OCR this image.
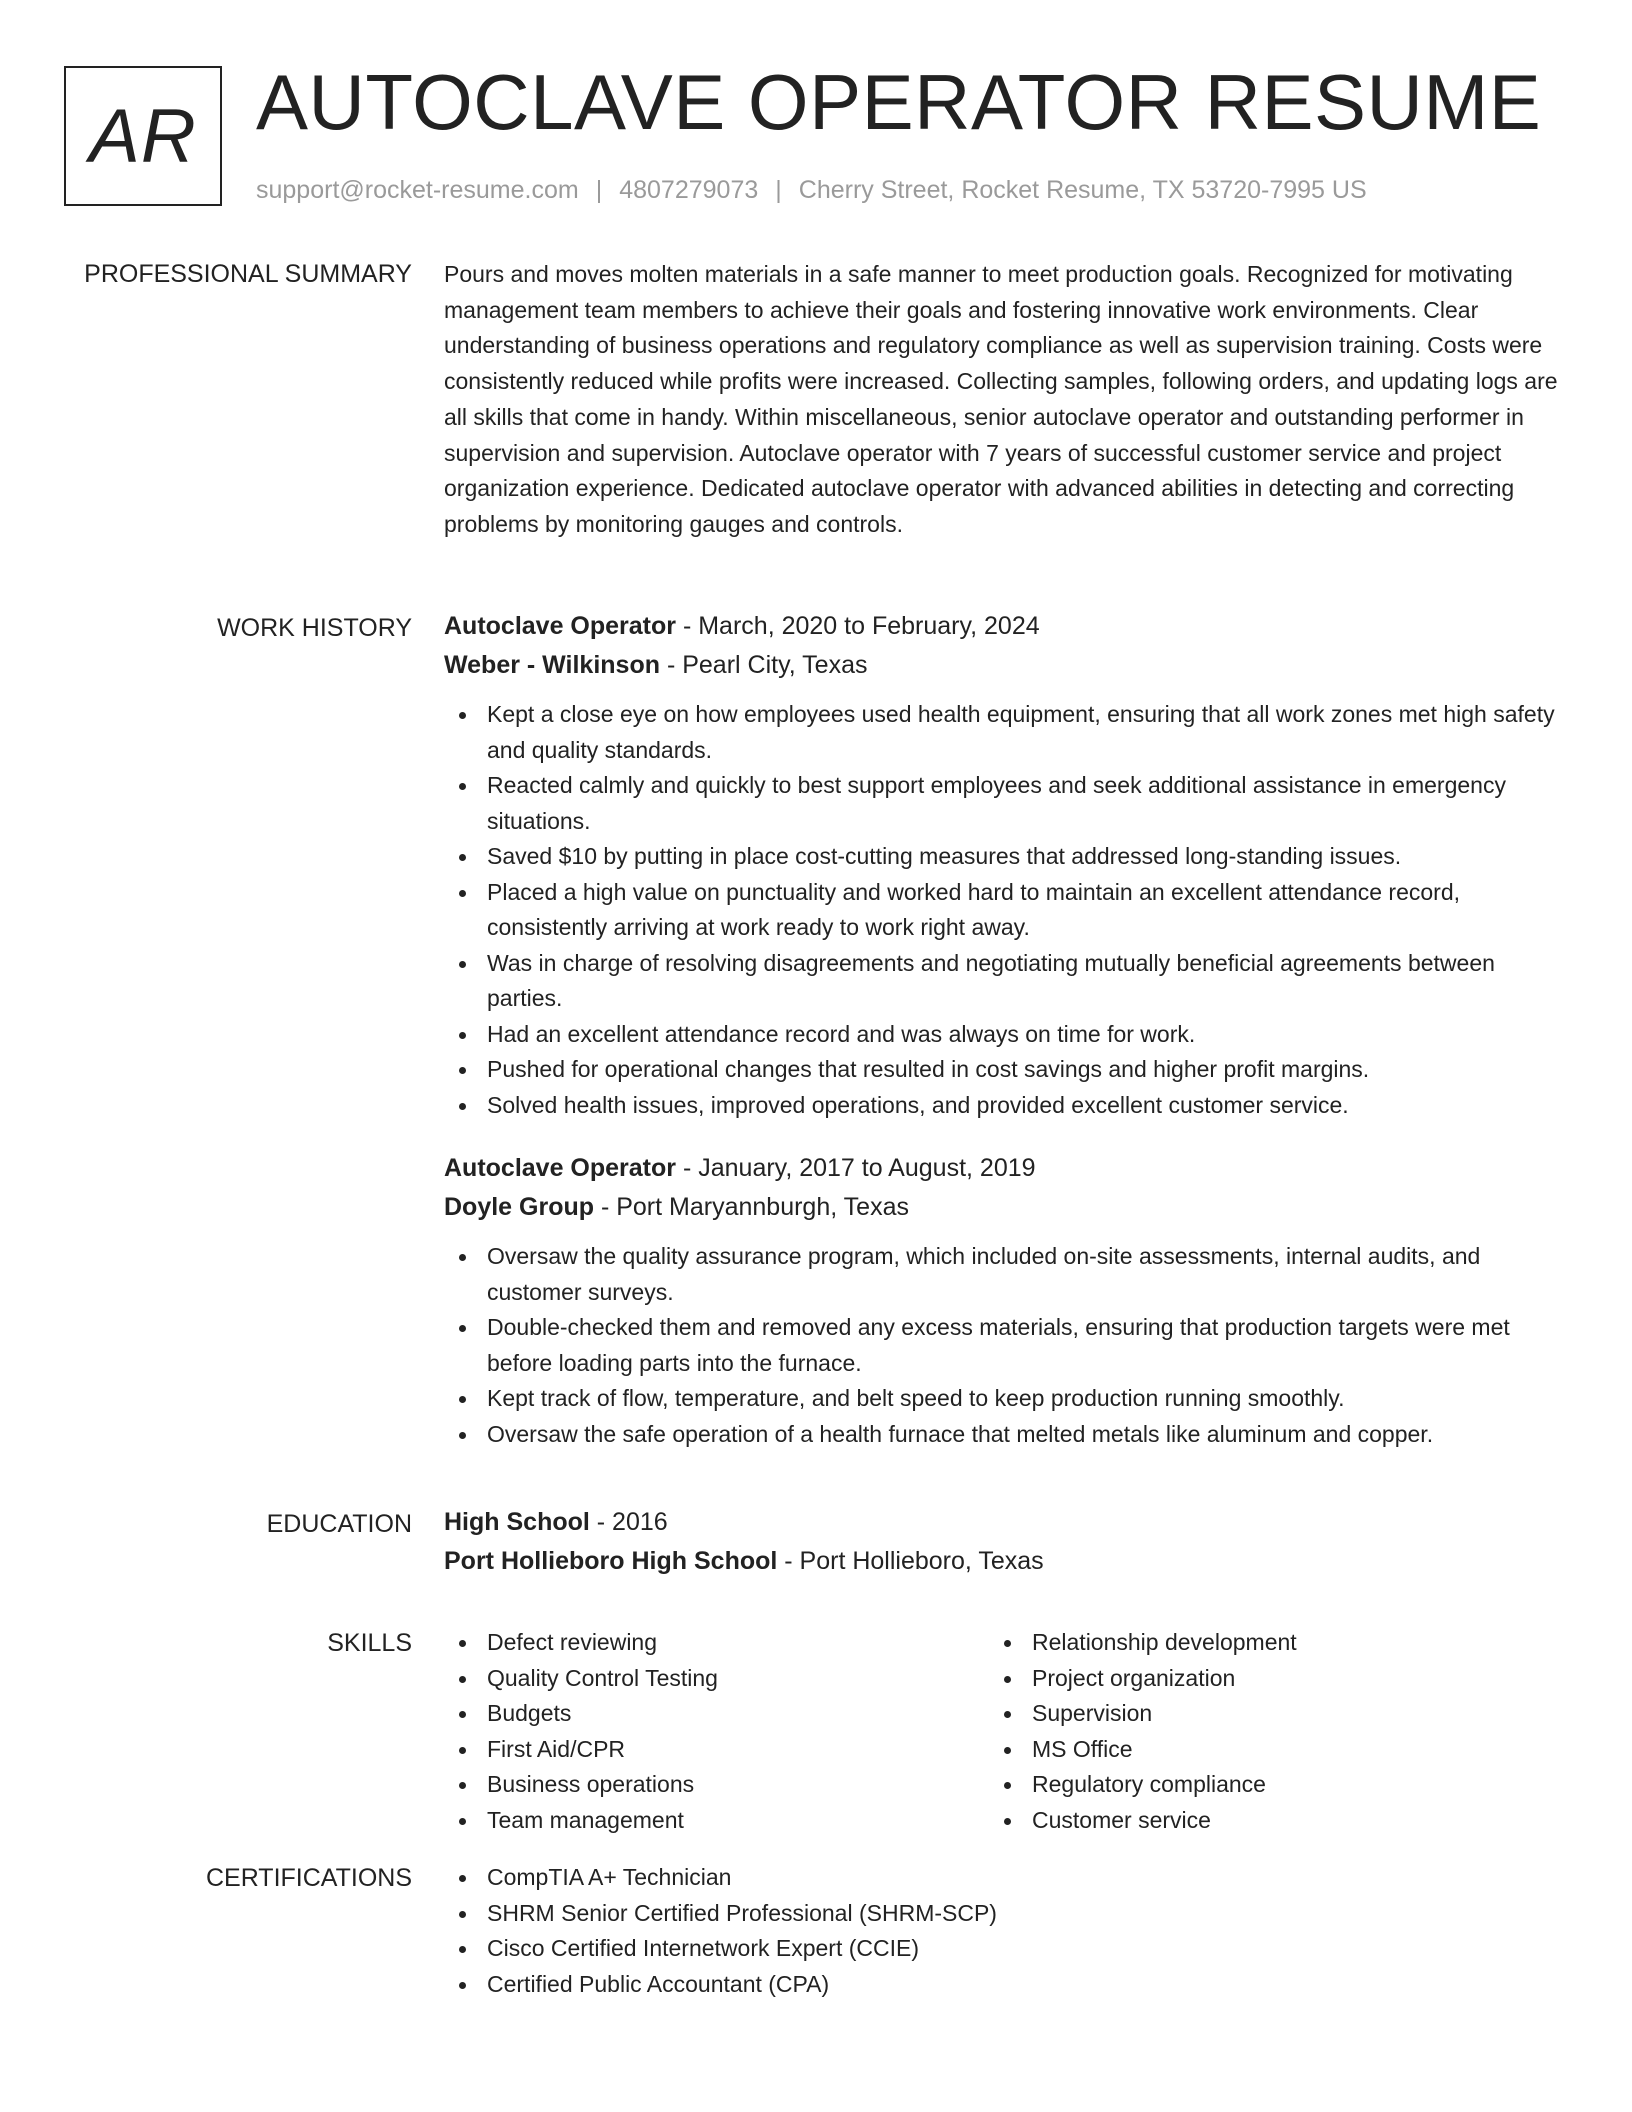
AR AUTOCLAVE OPERATOR RESUME
support@rocket-resume.com | 4807279073 | Cherry Street, Rocket Resume, TX 53720-7995 US
PROFESSIONAL SUMMARY Pours and moves molten materials in a safe manner to meet production goals. Recognized for motivating management team members to achieve their goals and fostering innovative work environments. Clear understanding of business operations and regulatory compliance as well as supervision training. Costs were consistently reduced while profits were increased. Collecting samples, following orders, and updating logs are all skills that come in handy. Within miscellaneous, senior autoclave operator and outstanding performer in supervision and supervision. Autoclave operator with 7 years of successful customer service and project organization experience. Dedicated autoclave operator with advanced abilities in detecting and correcting problems by monitoring gauges and controls.

WORK HISTORY Autoclave Operator - March, 2020 to February, 2024
Weber - Wilkinson - Pearl City, Texas
Kept a close eye on how employees used health equipment, ensuring that all work zones met high safety and quality standards.
Reacted calmly and quickly to best support employees and seek additional assistance in emergency situations.
Saved $10 by putting in place cost-cutting measures that addressed long-standing issues.
Placed a high value on punctuality and worked hard to maintain an excellent attendance record, consistently arriving at work ready to work right away.
Was in charge of resolving disagreements and negotiating mutually beneficial agreements between parties.
Had an excellent attendance record and was always on time for work.
Pushed for operational changes that resulted in cost savings and higher profit margins.
Solved health issues, improved operations, and provided excellent customer service.
Autoclave Operator - January, 2017 to August, 2019
Doyle Group - Port Maryannburgh, Texas
Oversaw the quality assurance program, which included on-site assessments, internal audits, and customer surveys.
Double-checked them and removed any excess materials, ensuring that production targets were met before loading parts into the furnace.
Kept track of flow, temperature, and belt speed to keep production running smoothly.
Oversaw the safe operation of a health furnace that melted metals like aluminum and copper.
EDUCATION High School - 2016
Port Hollieboro High School - Port Hollieboro, Texas
SKILLS	Defect reviewing
Quality Control Testing
Budgets
First Aid/CPR
Business operations
Team management
Relationship development
Project organization
Supervision
MS Office
Regulatory compliance
Customer service
CERTIFICATIONS	CompTIA A+ Technician
SHRM Senior Certified Professional (SHRM-SCP)
Cisco Certified Internetwork Expert (CCIE)
Certified Public Accountant (CPA)
